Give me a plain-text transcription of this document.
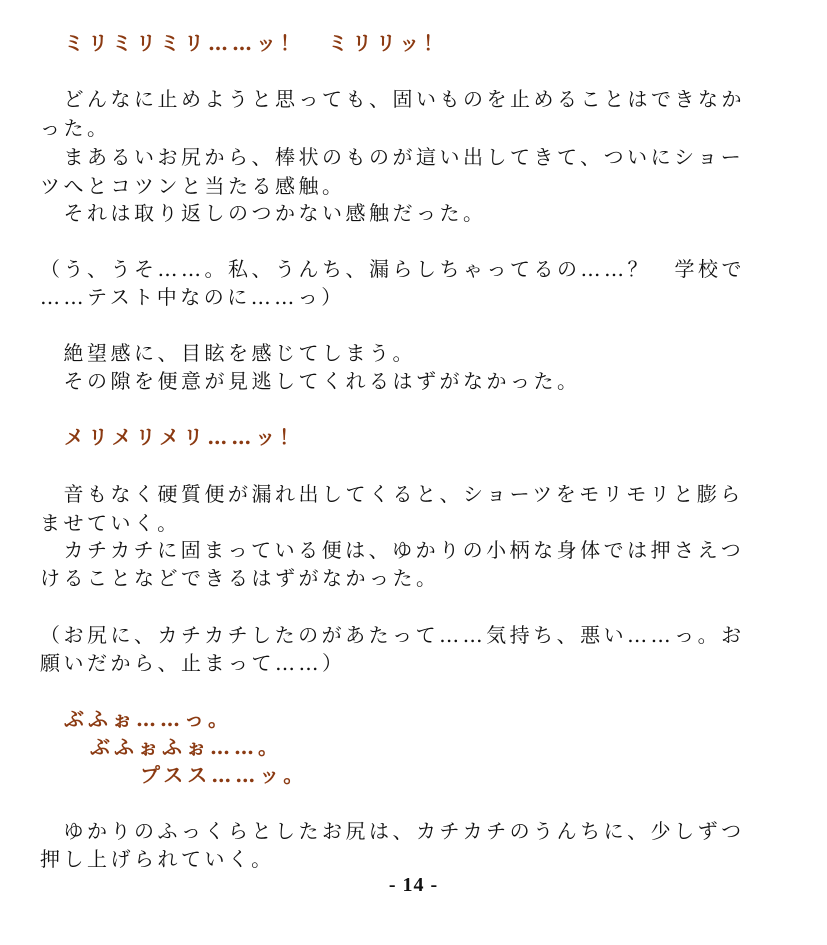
ミリミリミリ……ッ！　ミリリッ！
　どんなに止めようと思っても、固いものを止めることはできなか
った。
　まあるいお尻から、棒状のものが這い出してきて、ついにショー
ツへとコツンと当たる感触。
　それは取り返しのつかない感触だった。
（う、うそ……。私、うんち、漏らしちゃってるの……？　学校で
……テスト中なのに……っ）
　絶望感に、目眩を感じてしまう。
　その隙を便意が見逃してくれるはずがなかった。
メリメリメリ……ッ！
　音もなく硬質便が漏れ出してくると、ショーツをモリモリと膨ら
ませていく。
　カチカチに固まっている便は、ゆかりの小柄な身体では押さえつ
けることなどできるはずがなかった。
（お尻に、カチカチしたのがあたって……気持ち、悪い……っ。お
願いだから、止まって……）
ぶふぉ……っ。
ぶふぉふぉ……。
プスス……ッ。
　ゆかりのふっくらとしたお尻は、カチカチのうんちに、少しずつ
押し上げられていく。
- 14 -
